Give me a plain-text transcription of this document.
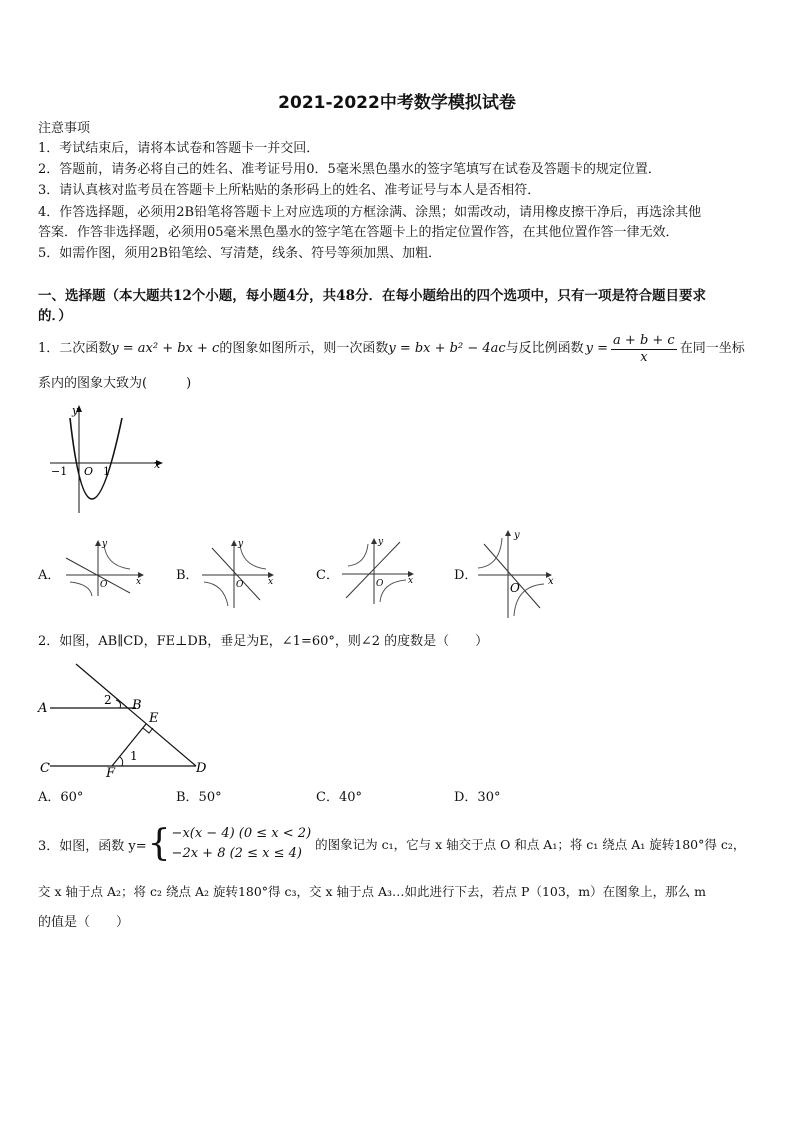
2021-2022中考数学模拟试卷
注意事项
1．考试结束后，请将本试卷和答题卡一并交回．
2．答题前，请务必将自己的姓名、准考证号用0．5毫米黑色墨水的签字笔填写在试卷及答题卡的规定位置．
3．请认真核对监考员在答题卡上所粘贴的条形码上的姓名、准考证号与本人是否相符．
4．作答选择题，必须用2B铅笔将答题卡上对应选项的方框涂满、涂黑；如需改动，请用橡皮擦干净后，再选涂其他
答案．作答非选择题，必须用05毫米黑色墨水的签字笔在答题卡上的指定位置作答，在其他位置作答一律无效．
5．如需作图，须用2B铅笔绘、写清楚，线条、符号等须加黑、加粗．
一、选择题（本大题共12个小题，每小题4分，共48分．在每小题给出的四个选项中，只有一项是符合题目要求
的．）
1．二次函数 y = ax² + bx + c 的图象如图所示，则一次函数 y = bx + b² − 4ac 与反比例函数 $y = \frac{a + b + c}{x}$ 在同一坐标
系内的图象大致为(　　　)
y
x
−1 O 1
A．
y
x
O
B．
y
x
O
C．
y
x
O
D．
y
x
O
2．如图，AB∥CD，FE⊥DB，垂足为E，∠1=60°，则∠2 的度数是（　　）
A	B
C	D
E
F
1
2
A．60°	B．50°	C．40°	D．30°
3．如图，函数 y= { −x(x − 4) (0 ≤ x < 2)
−2x + 8 (2 ≤ x ≤ 4)
的图象记为 c₁，它与 x 轴交于点 O 和点 A₁；将 c₁ 绕点 A₁ 旋转180°得 c₂，
交 x 轴于点 A₂；将 c₂ 绕点 A₂ 旋转180°得 c₃，交 x 轴于点 A₃…如此进行下去，若点 P（103，m）在图象上，那么 m
的值是（　　）
